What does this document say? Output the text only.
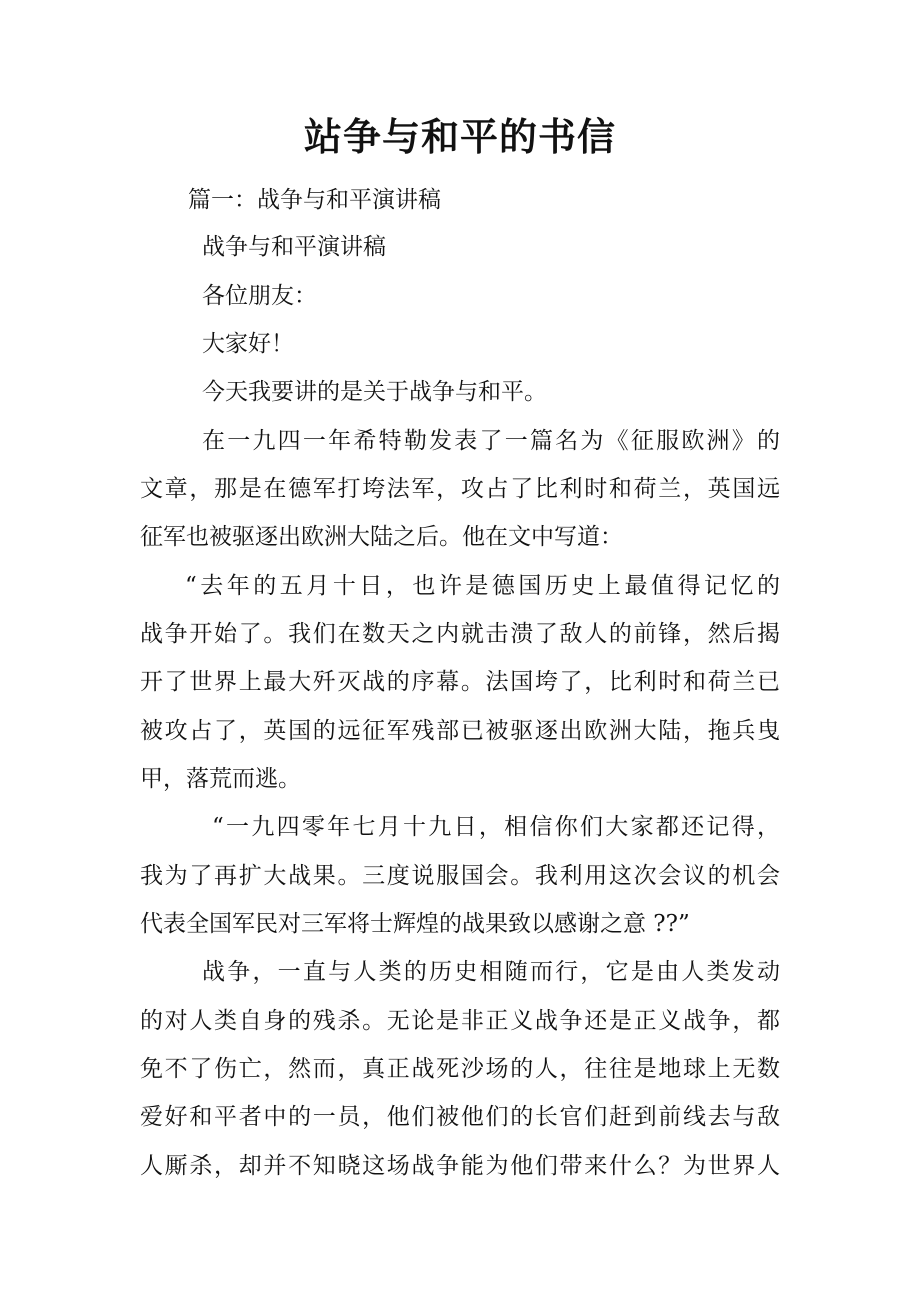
站争与和平的书信

篇一：战争与和平演讲稿

战争与和平演讲稿

各位朋友：

大家好！

今天我要讲的是关于战争与和平。

在一九四一年希特勒发表了一篇名为《征服欧洲》的

文章，那是在德军打垮法军，攻占了比利时和荷兰，英国远

征军也被驱逐出欧洲大陆之后。他在文中写道：

“去年的五月十日，也许是德国历史上最值得记忆的

战争开始了。我们在数天之内就击溃了敌人的前锋，然后揭

开了世界上最大歼灭战的序幕。法国垮了，比利时和荷兰已

被攻占了，英国的远征军残部已被驱逐出欧洲大陆，拖兵曳

甲，落荒而逃。

“一九四零年七月十九日，相信你们大家都还记得，

我为了再扩大战果。三度说服国会。我利用这次会议的机会

代表全国军民对三军将士辉煌的战果致以感谢之意 ??”

战争，一直与人类的历史相随而行，它是由人类发动

的对人类自身的残杀。无论是非正义战争还是正义战争，都

免不了伤亡，然而，真正战死沙场的人，往往是地球上无数

爱好和平者中的一员，他们被他们的长官们赶到前线去与敌

人厮杀，却并不知晓这场战争能为他们带来什么？为世界人
